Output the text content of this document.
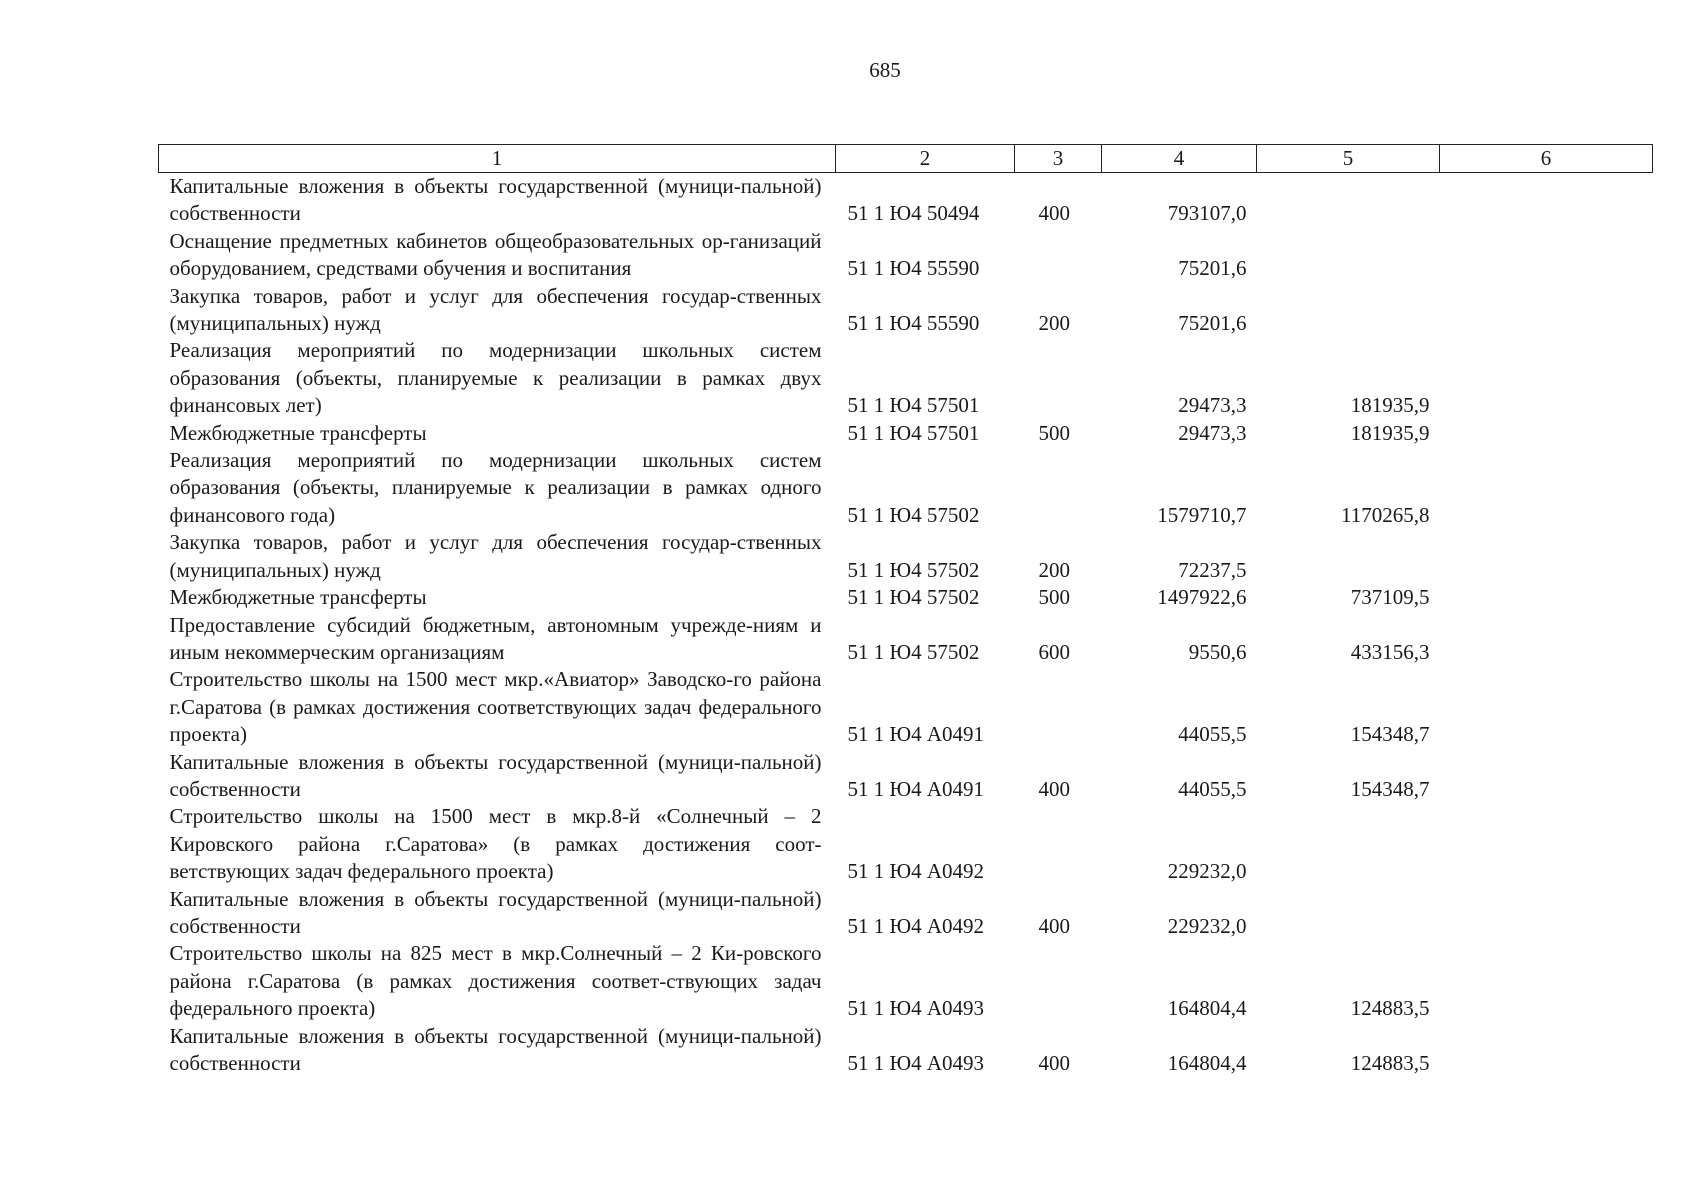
685
1	2	3	4	5	6
Капитальные вложения в объекты государственной (муници-пальной) собственности	51 1 Ю4 50494	400	793107,0		
Оснащение предметных кабинетов общеобразовательных ор-ганизаций оборудованием, средствами обучения и воспитания	51 1 Ю4 55590		75201,6		
Закупка товаров, работ и услуг для обеспечения государ-ственных (муниципальных) нужд	51 1 Ю4 55590	200	75201,6		
Реализация мероприятий по модернизации школьных систем образования (объекты, планируемые к реализации в рамках двух финансовых лет)	51 1 Ю4 57501		29473,3	181935,9	
Межбюджетные трансферты	51 1 Ю4 57501	500	29473,3	181935,9	
Реализация мероприятий по модернизации школьных систем образования (объекты, планируемые к реализации в рамках одного финансового года)	51 1 Ю4 57502		1579710,7	1170265,8	
Закупка товаров, работ и услуг для обеспечения государ-ственных (муниципальных) нужд	51 1 Ю4 57502	200	72237,5		
Межбюджетные трансферты	51 1 Ю4 57502	500	1497922,6	737109,5	
Предоставление субсидий бюджетным, автономным учрежде-ниям и иным некоммерческим организациям	51 1 Ю4 57502	600	9550,6	433156,3	
Строительство школы на 1500 мест мкр.«Авиатор» Заводско-го района г.Саратова (в рамках достижения соответствующих задач федерального проекта)	51 1 Ю4 А0491		44055,5	154348,7	
Капитальные вложения в объекты государственной (муници-пальной) собственности	51 1 Ю4 А0491	400	44055,5	154348,7	
Строительство школы на 1500 мест в мкр.8-й «Солнечный – 2 Кировского района г.Саратова» (в рамках достижения соот-ветствующих задач федерального проекта)	51 1 Ю4 А0492		229232,0		
Капитальные вложения в объекты государственной (муници-пальной) собственности	51 1 Ю4 А0492	400	229232,0		
Строительство школы на 825 мест в мкр.Солнечный – 2 Ки-ровского района г.Саратова (в рамках достижения соответ-ствующих задач федерального проекта)	51 1 Ю4 А0493		164804,4	124883,5	
Капитальные вложения в объекты государственной (муници-пальной) собственности	51 1 Ю4 А0493	400	164804,4	124883,5	
